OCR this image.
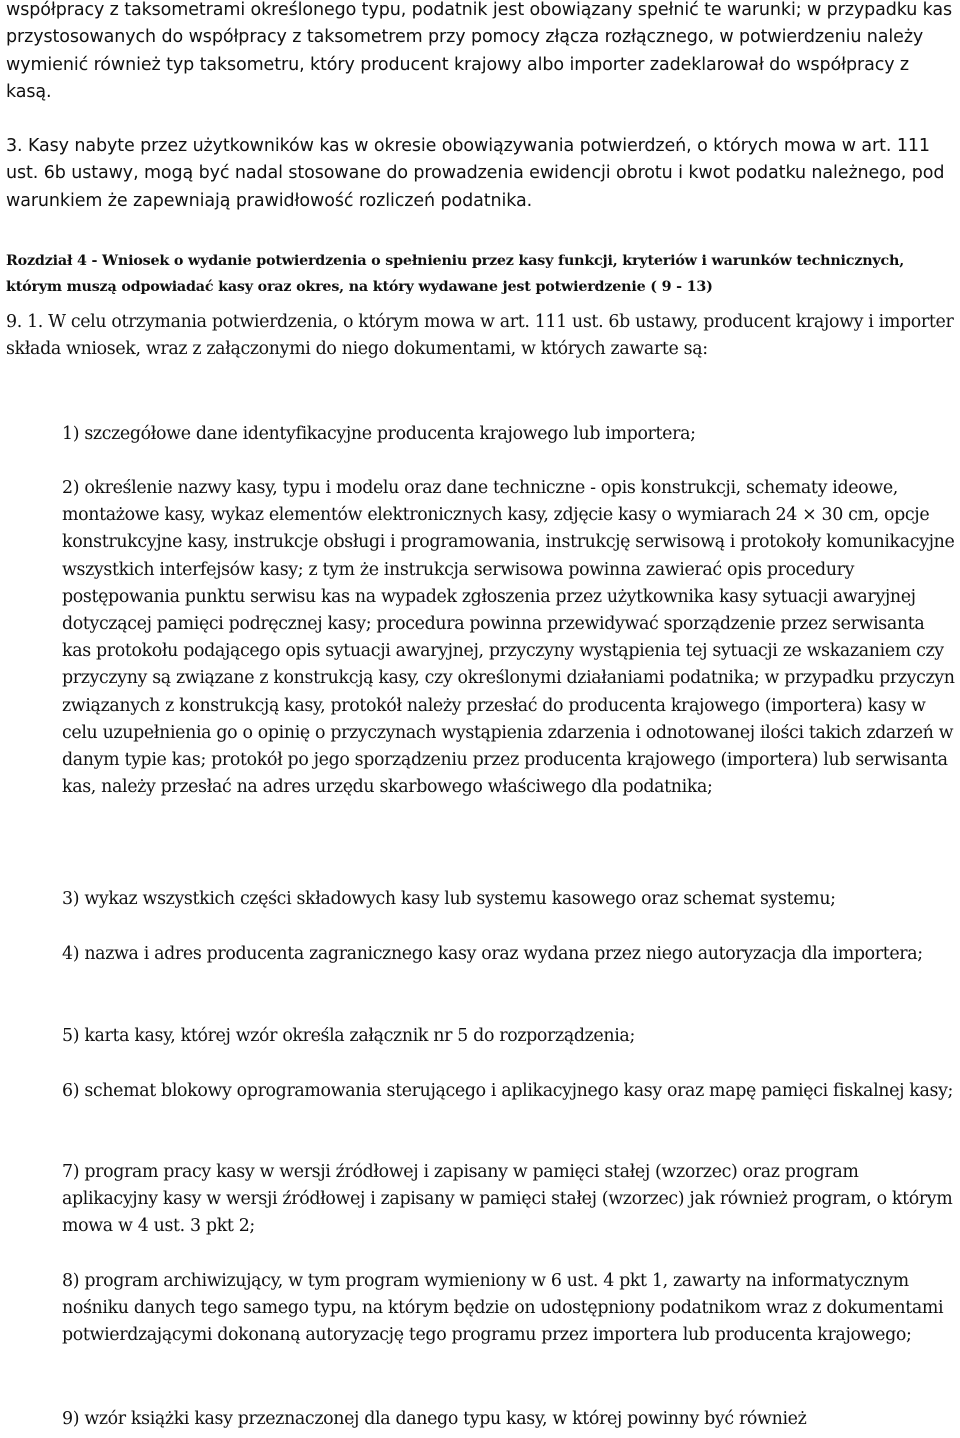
współpracy z taksometrami określonego typu, podatnik jest obowiązany spełnić te warunki; w przypadku kas przystosowanych do współpracy z taksometrem przy pomocy złącza rozłącznego, w potwierdzeniu należy wymienić również typ taksometru, który producent krajowy albo importer zadeklarował do współpracy z kasą.

3. Kasy nabyte przez użytkowników kas w okresie obowiązywania potwierdzeń, o których mowa w art. 111 ust. 6b ustawy, mogą być nadal stosowane do prowadzenia ewidencji obrotu i kwot podatku należnego, pod warunkiem że zapewniają prawidłowość rozliczeń podatnika.

Rozdział 4 - Wniosek o wydanie potwierdzenia o spełnieniu przez kasy funkcji, kryteriów i warunków technicznych, którym muszą odpowiadać kasy oraz okres, na który wydawane jest potwierdzenie ( 9 - 13)

9. 1. W celu otrzymania potwierdzenia, o którym mowa w art. 111 ust. 6b ustawy, producent krajowy i importer składa wniosek, wraz z załączonymi do niego dokumentami, w których zawarte są:

1) szczegółowe dane identyfikacyjne producenta krajowego lub importera;

2) określenie nazwy kasy, typu i modelu oraz dane techniczne - opis konstrukcji, schematy ideowe, montażowe kasy, wykaz elementów elektronicznych kasy, zdjęcie kasy o wymiarach 24 × 30 cm, opcje konstrukcyjne kasy, instrukcje obsługi i programowania, instrukcję serwisową i protokoły komunikacyjne wszystkich interfejsów kasy; z tym że instrukcja serwisowa powinna zawierać opis procedury postępowania punktu serwisu kas na wypadek zgłoszenia przez użytkownika kasy sytuacji awaryjnej dotyczącej pamięci podręcznej kasy; procedura powinna przewidywać sporządzenie przez serwisanta kas protokołu podającego opis sytuacji awaryjnej, przyczyny wystąpienia tej sytuacji ze wskazaniem czy przyczyny są związane z konstrukcją kasy, czy określonymi działaniami podatnika; w przypadku przyczyn związanych z konstrukcją kasy, protokół należy przesłać do producenta krajowego (importera) kasy w celu uzupełnienia go o opinię o przyczynach wystąpienia zdarzenia i odnotowanej ilości takich zdarzeń w danym typie kas; protokół po jego sporządzeniu przez producenta krajowego (importera) lub serwisanta kas, należy przesłać na adres urzędu skarbowego właściwego dla podatnika;

3) wykaz wszystkich części składowych kasy lub systemu kasowego oraz schemat systemu;

4) nazwa i adres producenta zagranicznego kasy oraz wydana przez niego autoryzacja dla importera;

5) karta kasy, której wzór określa załącznik nr 5 do rozporządzenia;

6) schemat blokowy oprogramowania sterującego i aplikacyjnego kasy oraz mapę pamięci fiskalnej kasy;

7) program pracy kasy w wersji źródłowej i zapisany w pamięci stałej (wzorzec) oraz program aplikacyjny kasy w wersji źródłowej i zapisany w pamięci stałej (wzorzec) jak również program, o którym mowa w 4 ust. 3 pkt 2;

8) program archiwizujący, w tym program wymieniony w 6 ust. 4 pkt 1, zawarty na informatycznym nośniku danych tego samego typu, na którym będzie on udostępniony podatnikom wraz z dokumentami potwierdzającymi dokonaną autoryzację tego programu przez importera lub producenta krajowego;

9) wzór książki kasy przeznaczonej dla danego typu kasy, w której powinny być również
